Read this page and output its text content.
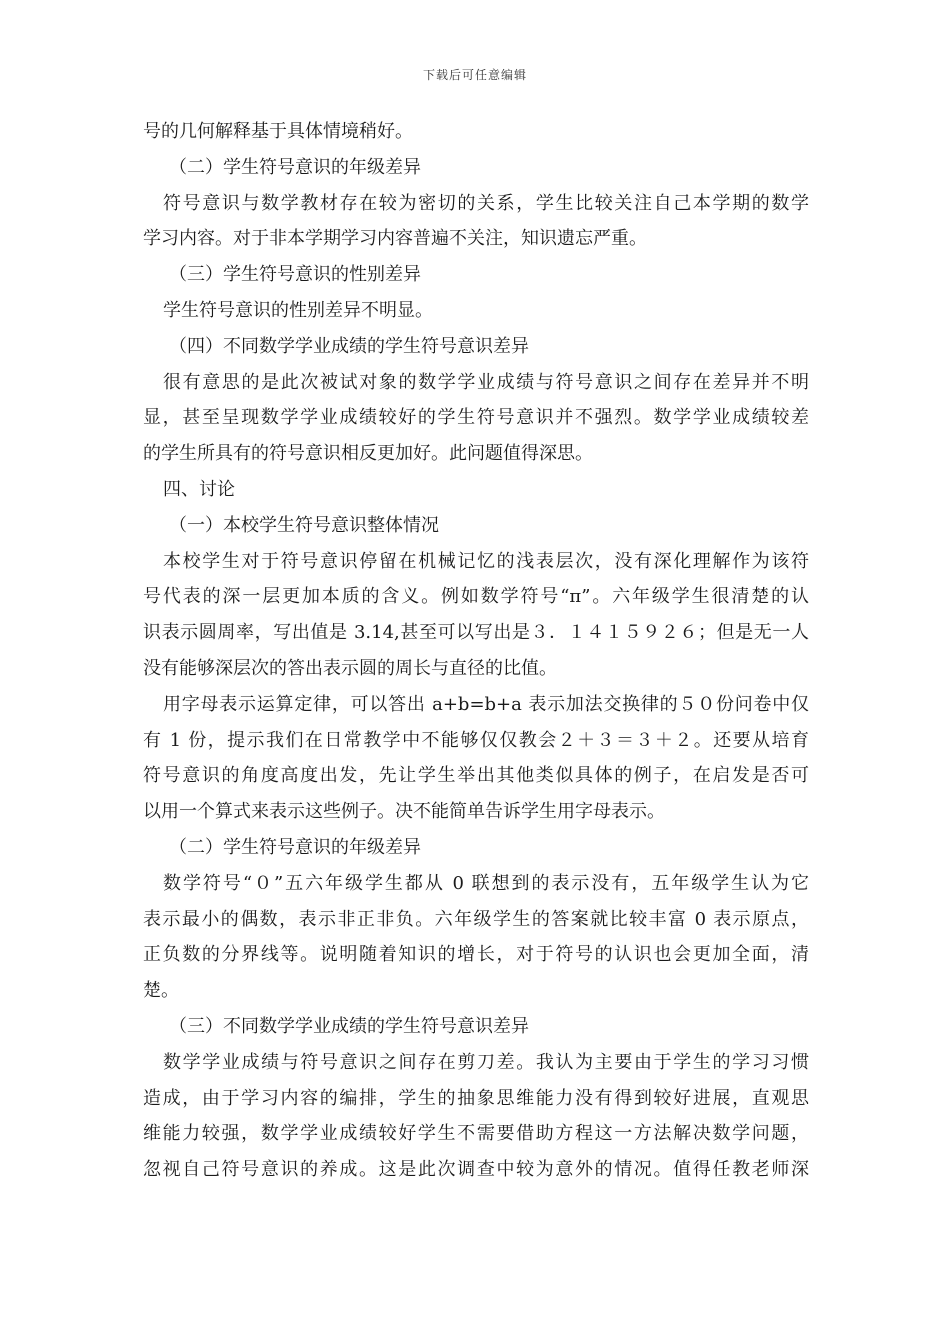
下载后可任意编辑
号的几何解释基于具体情境稍好。
（二）学生符号意识的年级差异
符号意识与数学教材存在较为密切的关系，学生比较关注自己本学期的数学
学习内容。对于非本学期学习内容普遍不关注，知识遗忘严重。
（三）学生符号意识的性别差异
学生符号意识的性别差异不明显。
（四）不同数学学业成绩的学生符号意识差异
很有意思的是此次被试对象的数学学业成绩与符号意识之间存在差异并不明
显，甚至呈现数学学业成绩较好的学生符号意识并不强烈。数学学业成绩较差
的学生所具有的符号意识相反更加好。此问题值得深思。
四、讨论
（一）本校学生符号意识整体情况
本校学生对于符号意识停留在机械记忆的浅表层次，没有深化理解作为该符
号代表的深一层更加本质的含义。例如数学符号“π”。六年级学生很清楚的认
识表示圆周率，写出值是 3.14,甚至可以写出是３．１４１５９２６；但是无一人
没有能够深层次的答出表示圆的周长与直径的比值。
用字母表示运算定律，可以答出 a+b=b+a 表示加法交换律的５０份问卷中仅
有 1 份，提示我们在日常教学中不能够仅仅教会２＋３＝３＋２。还要从培育
符号意识的角度高度出发，先让学生举出其他类似具体的例子，在启发是否可
以用一个算式来表示这些例子。决不能简单告诉学生用字母表示。
（二）学生符号意识的年级差异
数学符号“０”五六年级学生都从 0 联想到的表示没有，五年级学生认为它
表示最小的偶数，表示非正非负。六年级学生的答案就比较丰富 0 表示原点，
正负数的分界线等。说明随着知识的增长，对于符号的认识也会更加全面，清
楚。
（三）不同数学学业成绩的学生符号意识差异
数学学业成绩与符号意识之间存在剪刀差。我认为主要由于学生的学习习惯
造成，由于学习内容的编排，学生的抽象思维能力没有得到较好进展，直观思
维能力较强，数学学业成绩较好学生不需要借助方程这一方法解决数学问题，
忽视自己符号意识的养成。这是此次调查中较为意外的情况。值得任教老师深
